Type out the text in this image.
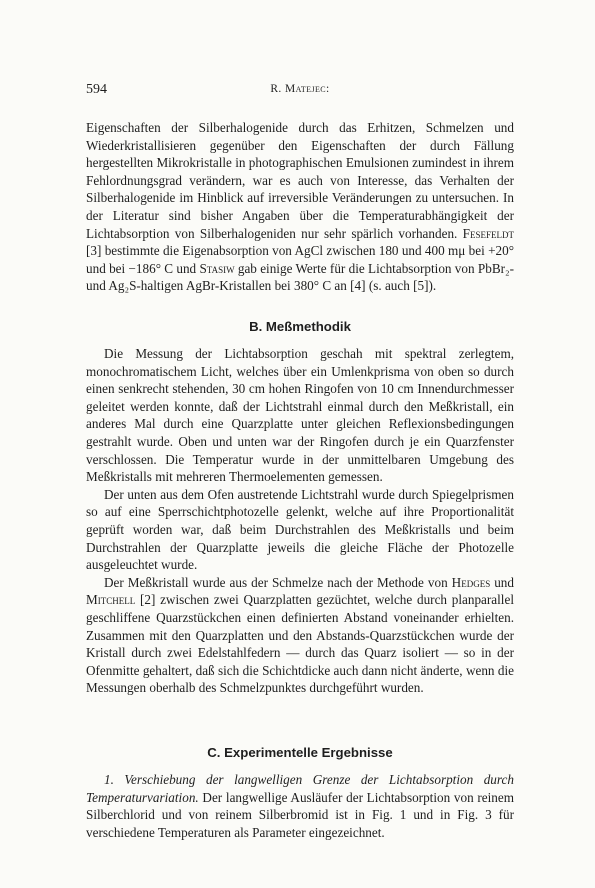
594	R. Matejec:

Eigenschaften der Silberhalogenide durch das Erhitzen, Schmelzen und Wiederkristallisieren gegenüber den Eigenschaften der durch Fällung hergestellten Mikrokristalle in photographischen Emulsionen zumindest in ihrem Fehlordnungsgrad verändern, war es auch von Interesse, das Verhalten der Silberhalogenide im Hinblick auf irreversible Veränderungen zu untersuchen. In der Literatur sind bisher Angaben über die Temperaturabhängigkeit der Lichtabsorption von Silberhalogeniden nur sehr spärlich vorhanden. Fesefeldt [3] bestimmte die Eigenabsorption von AgCl zwischen 180 und 400 mμ bei +20° und bei −186° C und Stasiw gab einige Werte für die Lichtabsorption von PbBr₂- und Ag₂S-haltigen AgBr-Kristallen bei 380° C an [4] (s. auch [5]).

B. Meßmethodik

Die Messung der Lichtabsorption geschah mit spektral zerlegtem, monochromatischem Licht, welches über ein Umlenkprisma von oben so durch einen senkrecht stehenden, 30 cm hohen Ringofen von 10 cm Innendurchmesser geleitet werden konnte, daß der Lichtstrahl einmal durch den Meßkristall, ein anderes Mal durch eine Quarzplatte unter gleichen Reflexionsbedingungen gestrahlt wurde. Oben und unten war der Ringofen durch je ein Quarzfenster verschlossen. Die Temperatur wurde in der unmittelbaren Umgebung des Meßkristalls mit mehreren Thermoelementen gemessen.

Der unten aus dem Ofen austretende Lichtstrahl wurde durch Spiegelprismen so auf eine Sperrschichtphotozelle gelenkt, welche auf ihre Proportionalität geprüft worden war, daß beim Durchstrahlen des Meßkristalls und beim Durchstrahlen der Quarzplatte jeweils die gleiche Fläche der Photozelle ausgeleuchtet wurde.

Der Meßkristall wurde aus der Schmelze nach der Methode von Hedges und Mitchell [2] zwischen zwei Quarzplatten gezüchtet, welche durch planparallel geschliffene Quarzstückchen einen definierten Abstand voneinander erhielten. Zusammen mit den Quarzplatten und den Abstands-Quarzstückchen wurde der Kristall durch zwei Edelstahlfedern — durch das Quarz isoliert — so in der Ofenmitte gehaltert, daß sich die Schichtdicke auch dann nicht änderte, wenn die Messungen oberhalb des Schmelzpunktes durchgeführt wurden.

C. Experimentelle Ergebnisse

1. Verschiebung der langwelligen Grenze der Lichtabsorption durch Temperaturvariation. Der langwellige Ausläufer der Lichtabsorption von reinem Silberchlorid und von reinem Silberbromid ist in Fig. 1 und in Fig. 3 für verschiedene Temperaturen als Parameter eingezeichnet.
